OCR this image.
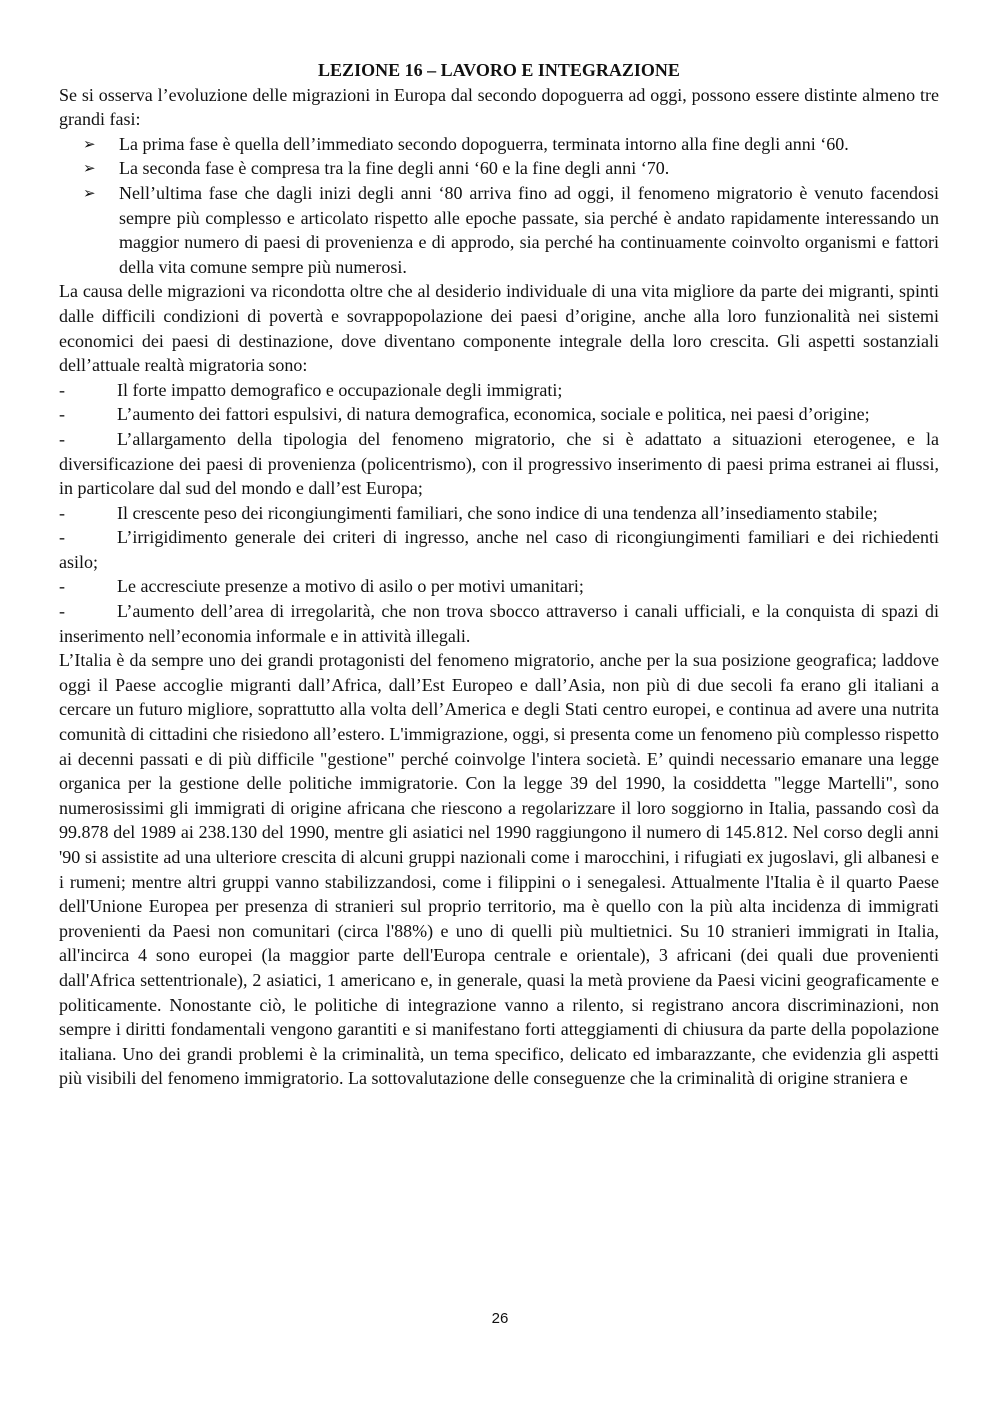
LEZIONE 16 – LAVORO E INTEGRAZIONE

Se si osserva l’evoluzione delle migrazioni in Europa dal secondo dopoguerra ad oggi, possono essere distinte almeno tre grandi fasi:

➢	La prima fase è quella dell’immediato secondo dopoguerra, terminata intorno alla fine degli anni ‘60.
➢	La seconda fase è compresa tra la fine degli anni ‘60 e la fine degli anni ‘70.
➢	Nell’ultima fase che dagli inizi degli anni ‘80 arriva fino ad oggi, il fenomeno migratorio è venuto facendosi sempre più complesso e articolato rispetto alle epoche passate, sia perché è andato rapidamente interessando un maggior numero di paesi di provenienza e di approdo, sia perché ha continuamente coinvolto organismi e fattori della vita comune sempre più numerosi.

La causa delle migrazioni va ricondotta oltre che al desiderio individuale di una vita migliore da parte dei migranti, spinti dalle difficili condizioni di povertà e sovrappopolazione dei paesi d’origine, anche alla loro funzionalità nei sistemi economici dei paesi di destinazione, dove diventano componente integrale della loro crescita. Gli aspetti sostanziali dell’attuale realtà migratoria sono:

-	Il forte impatto demografico e occupazionale degli immigrati;

-	L’aumento dei fattori espulsivi, di natura demografica, economica, sociale e politica, nei paesi d’origine;

-	L’allargamento della tipologia del fenomeno migratorio, che si è adattato a situazioni eterogenee, e la diversificazione dei paesi di provenienza (policentrismo), con il progressivo inserimento di paesi prima estranei ai flussi, in particolare dal sud del mondo e dall’est Europa;

-	Il crescente peso dei ricongiungimenti familiari, che sono indice di una tendenza all’insediamento stabile;

-	L’irrigidimento generale dei criteri di ingresso, anche nel caso di ricongiungimenti familiari e dei richiedenti asilo;

-	Le accresciute presenze a motivo di asilo o per motivi umanitari;

-	L’aumento dell’area di irregolarità, che non trova sbocco attraverso i canali ufficiali, e la conquista di spazi di inserimento nell’economia informale e in attività illegali.

L’Italia è da sempre uno dei grandi protagonisti del fenomeno migratorio, anche per la sua posizione geografica; laddove oggi il Paese accoglie migranti dall’Africa, dall’Est Europeo e dall’Asia, non più di due secoli fa erano gli italiani a cercare un futuro migliore, soprattutto alla volta dell’America e degli Stati centro europei, e continua ad avere una nutrita comunità di cittadini che risiedono all’estero. L'immigrazione, oggi, si presenta come un fenomeno più complesso rispetto ai decenni passati e di più difficile "gestione" perché coinvolge l'intera società. E’ quindi necessario emanare una legge organica per la gestione delle politiche immigratorie. Con la legge 39 del 1990, la cosiddetta "legge Martelli", sono numerosissimi gli immigrati di origine africana che riescono a regolarizzare il loro soggiorno in Italia, passando così da 99.878 del 1989 ai 238.130 del 1990, mentre gli asiatici nel 1990 raggiungono il numero di 145.812. Nel corso degli anni '90 si assistite ad una ulteriore crescita di alcuni gruppi nazionali come i marocchini, i rifugiati ex jugoslavi, gli albanesi e i rumeni; mentre altri gruppi vanno stabilizzandosi, come i filippini o i senegalesi. Attualmente l'Italia è il quarto Paese dell'Unione Europea per presenza di stranieri sul proprio territorio, ma è quello con la più alta incidenza di immigrati provenienti da Paesi non comunitari (circa l'88%) e uno di quelli più multietnici. Su 10 stranieri immigrati in Italia, all'incirca 4 sono europei (la maggior parte dell'Europa centrale e orientale), 3 africani (dei quali due provenienti dall'Africa settentrionale), 2 asiatici, 1 americano e, in generale, quasi la metà proviene da Paesi vicini geograficamente e politicamente. Nonostante ciò, le politiche di integrazione vanno a rilento, si registrano ancora discriminazioni, non sempre i diritti fondamentali vengono garantiti e si manifestano forti atteggiamenti di chiusura da parte della popolazione italiana. Uno dei grandi problemi è la criminalità, un tema specifico, delicato ed imbarazzante, che evidenzia gli aspetti più visibili del fenomeno immigratorio. La sottovalutazione delle conseguenze che la criminalità di origine straniera e

26
